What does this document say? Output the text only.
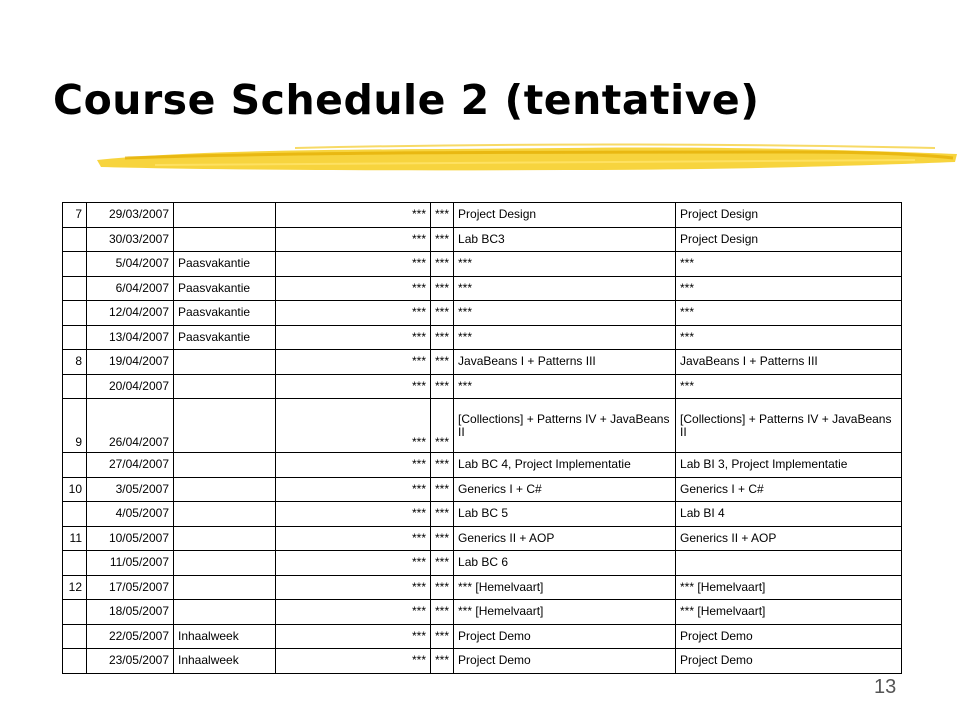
Course Schedule 2 (tentative)
7	29/03/2007		***	***	Project Design	Project Design
	30/03/2007		***	***	Lab BC3	Project Design
	5/04/2007	Paasvakantie	***	***	***	***
	6/04/2007	Paasvakantie	***	***	***	***
	12/04/2007	Paasvakantie	***	***	***	***
	13/04/2007	Paasvakantie	***	***	***	***
8	19/04/2007		***	***	JavaBeans I + Patterns III	JavaBeans I + Patterns III
	20/04/2007		***	***	***	***
9	26/04/2007		***	***	[Collections] + Patterns IV + JavaBeans II	[Collections] + Patterns IV + JavaBeans II
	27/04/2007		***	***	Lab BC 4, Project Implementatie	Lab BI 3, Project Implementatie
10	3/05/2007		***	***	Generics I + C#	Generics I + C#
	4/05/2007		***	***	Lab BC 5	Lab BI 4
11	10/05/2007		***	***	Generics II + AOP	Generics II + AOP
	11/05/2007		***	***	Lab BC 6	
12	17/05/2007		***	***	*** [Hemelvaart]	*** [Hemelvaart]
	18/05/2007		***	***	*** [Hemelvaart]	*** [Hemelvaart]
	22/05/2007	Inhaalweek	***	***	Project Demo	Project Demo
	23/05/2007	Inhaalweek	***	***	Project Demo	Project Demo
13
